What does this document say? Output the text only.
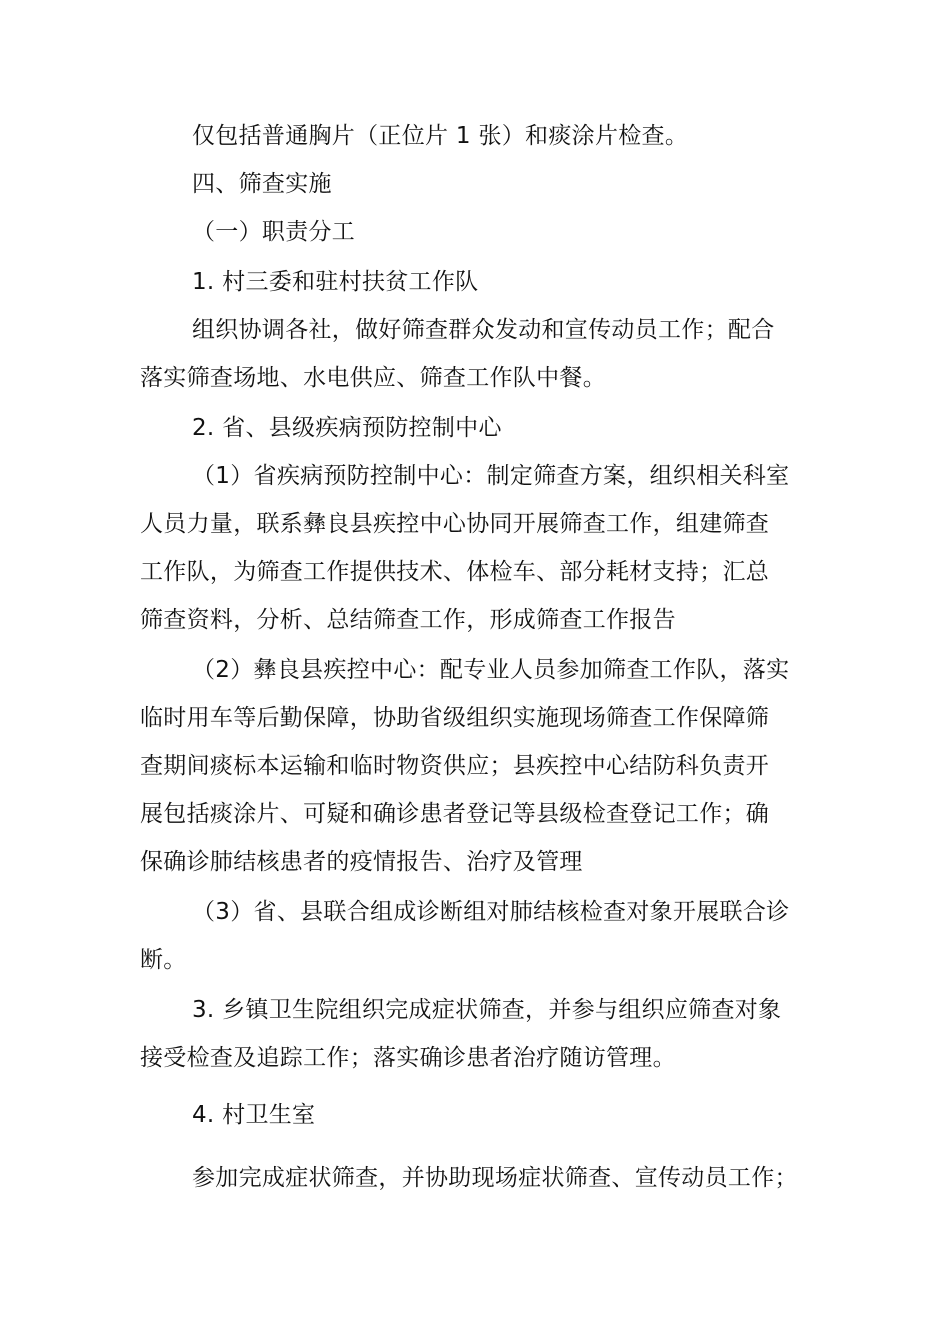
仅包括普通胸片（正位片 1 张）和痰涂片检查。
四、筛查实施
（一）职责分工
1. 村三委和驻村扶贫工作队
组织协调各社，做好筛查群众发动和宣传动员工作；配合
落实筛查场地、水电供应、筛查工作队中餐。
2. 省、县级疾病预防控制中心
（1）省疾病预防控制中心：制定筛查方案，组织相关科室
人员力量，联系彝良县疾控中心协同开展筛查工作，组建筛查
工作队，为筛查工作提供技术、体检车、部分耗材支持；汇总
筛查资料，分析、总结筛查工作，形成筛查工作报告
（2）彝良县疾控中心：配专业人员参加筛查工作队，落实
临时用车等后勤保障，协助省级组织实施现场筛查工作保障筛
查期间痰标本运输和临时物资供应；县疾控中心结防科负责开
展包括痰涂片、可疑和确诊患者登记等县级检查登记工作；确
保确诊肺结核患者的疫情报告、治疗及管理
（3）省、县联合组成诊断组对肺结核检查对象开展联合诊
断。
3. 乡镇卫生院组织完成症状筛查，并参与组织应筛查对象
接受检查及追踪工作；落实确诊患者治疗随访管理。
4. 村卫生室
参加完成症状筛查，并协助现场症状筛查、宣传动员工作；
